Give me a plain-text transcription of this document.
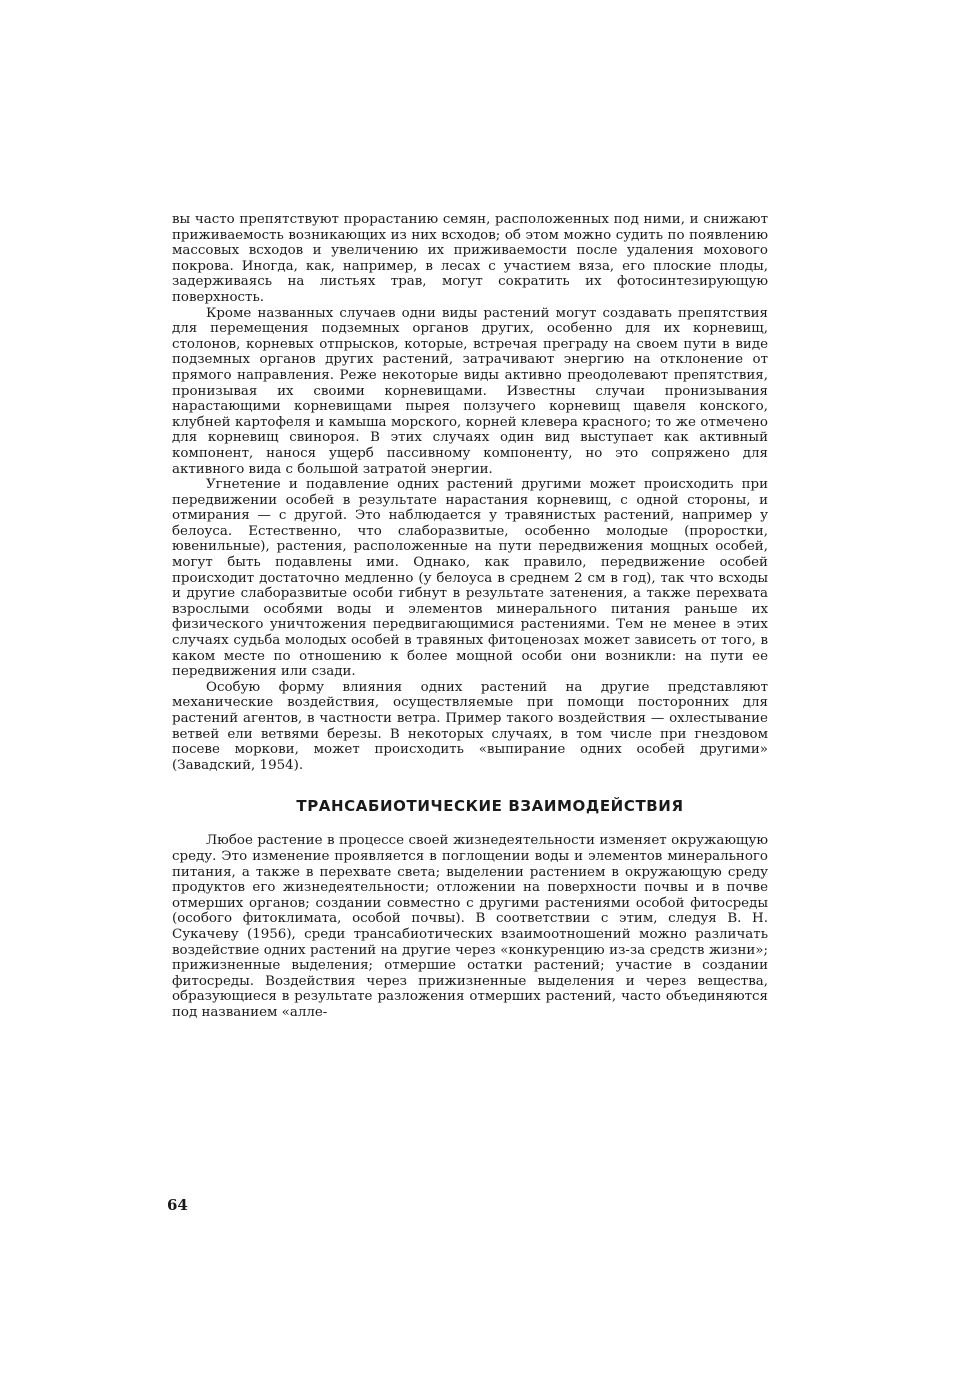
вы часто препятствуют прорастанию семян, расположенных под ними, и снижают приживаемость возникающих из них всходов; об этом можно судить по появлению массовых всходов и увеличению их приживаемости после удаления мохового покрова. Иногда, как, например, в лесах с участием вяза, его плоские плоды, задерживаясь на листьях трав, могут сократить их фотосинтезирующую поверхность.

Кроме названных случаев одни виды растений могут создавать препятствия для перемещения подземных органов других, особенно для их корневищ, столонов, корневых отпрысков, которые, встречая преграду на своем пути в виде подземных органов других растений, затрачивают энергию на отклонение от прямого направления. Реже некоторые виды активно преодолевают препятствия, пронизывая их своими корневищами. Известны случаи пронизывания нарастающими корневищами пырея ползучего корневищ щавеля конского, клубней картофеля и камыша морского, корней клевера красного; то же отмечено для корневищ свинороя. В этих случаях один вид выступает как активный компонент, нанося ущерб пассивному компоненту, но это сопряжено для активного вида с большой затратой энергии.

Угнетение и подавление одних растений другими может происходить при передвижении особей в результате нарастания корневищ, с одной стороны, и отмирания — с другой. Это наблюдается у травянистых растений, например у белоуса. Естественно, что слаборазвитые, особенно молодые (проростки, ювенильные), растения, расположенные на пути передвижения мощных особей, могут быть подавлены ими. Однако, как правило, передвижение особей происходит достаточно медленно (у белоуса в среднем 2 см в год), так что всходы и другие слаборазвитые особи гибнут в результате затенения, а также перехвата взрослыми особями воды и элементов минерального питания раньше их физического уничтожения передвигающимися растениями. Тем не менее в этих случаях судьба молодых особей в травяных фитоценозах может зависеть от того, в каком месте по отношению к более мощной особи они возникли: на пути ее передвижения или сзади.

Особую форму влияния одних растений на другие представляют механические воздействия, осуществляемые при помощи посторонних для растений агентов, в частности ветра. Пример такого воздействия — охлестывание ветвей ели ветвями березы. В некоторых случаях, в том числе при гнездовом посеве моркови, может происходить «выпирание одних особей другими» (Завадский, 1954).

ТРАНСАБИОТИЧЕСКИЕ ВЗАИМОДЕЙСТВИЯ

Любое растение в процессе своей жизнедеятельности изменяет окружающую среду. Это изменение проявляется в поглощении воды и элементов минерального питания, а также в перехвате света; выделении растением в окружающую среду продуктов его жизнедеятельности; отложении на поверхности почвы и в почве отмерших органов; создании совместно с другими растениями особой фитосреды (особого фитоклимата, особой почвы). В соответствии с этим, следуя В. Н. Сукачеву (1956), среди трансабиотических взаимоотношений можно различать воздействие одних растений на другие через «конкуренцию из-за средств жизни»; прижизненные выделения; отмершие остатки растений; участие в создании фитосреды. Воздействия через прижизненные выделения и через вещества, образующиеся в результате разложения отмерших растений, часто объединяются под названием «алле-

64
